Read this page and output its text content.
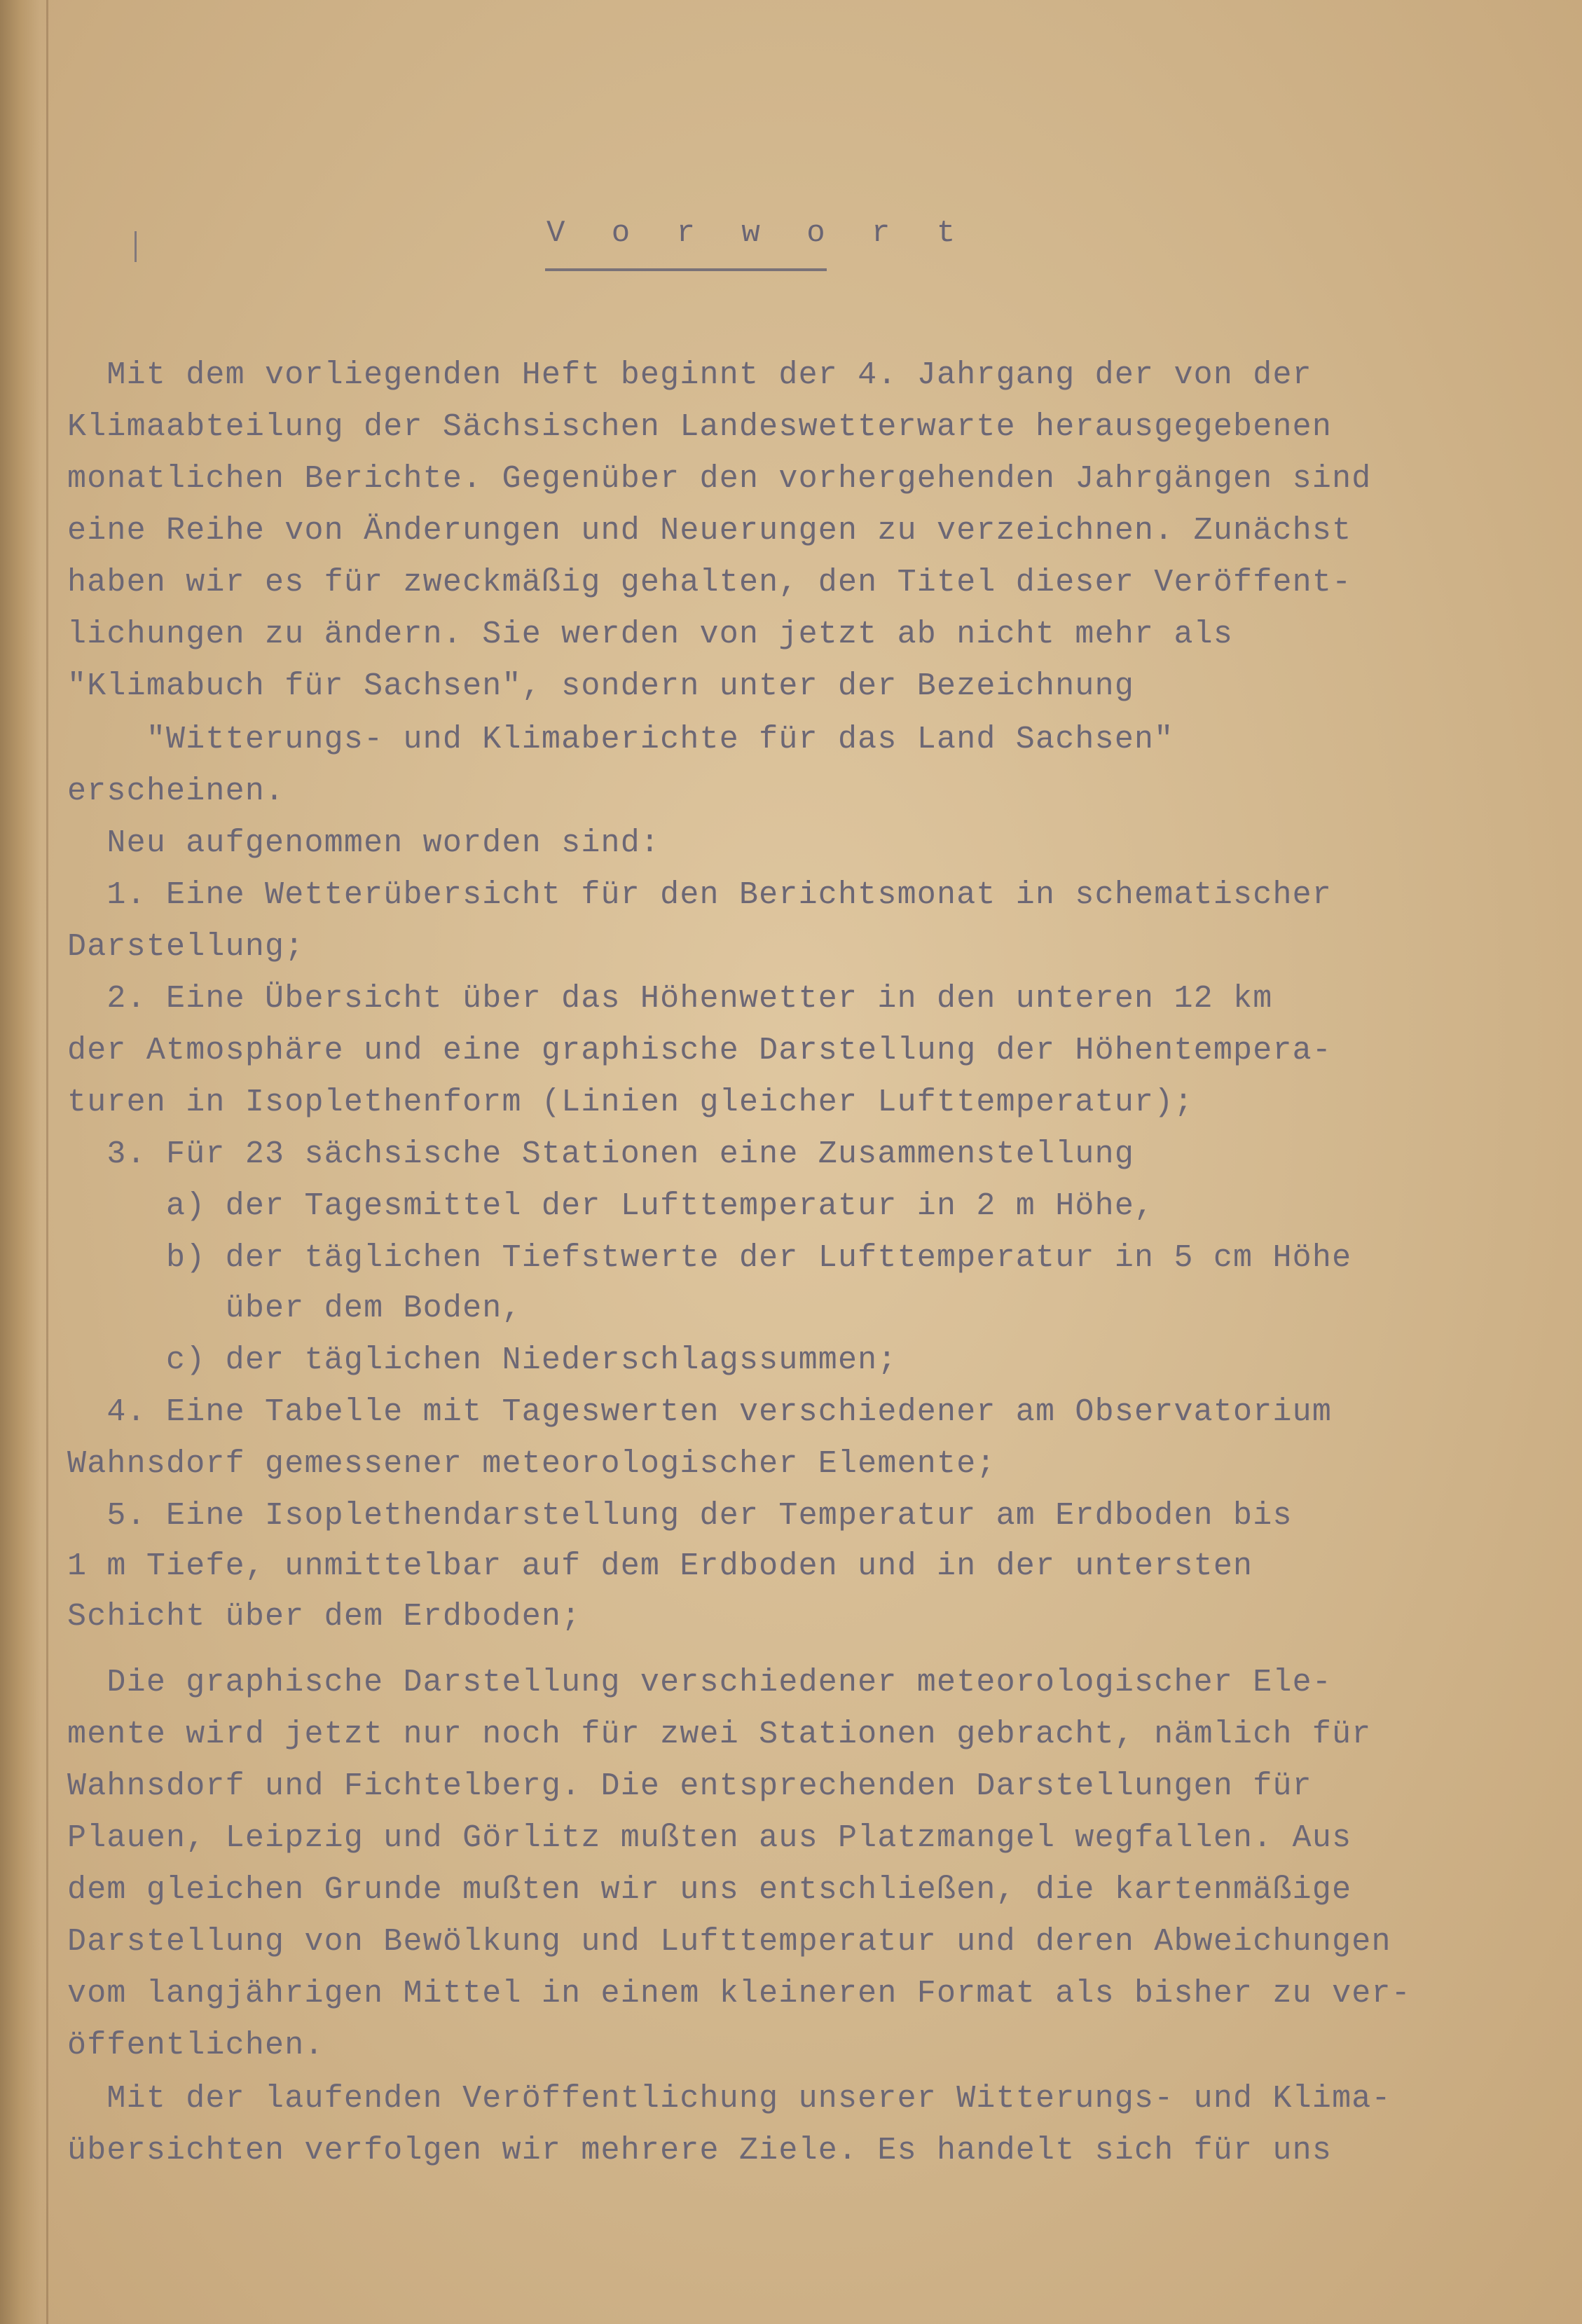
V o r w o r t
Mit dem vorliegenden Heft beginnt der 4. Jahrgang der von der
Klimaabteilung der Sächsischen Landeswetterwarte herausgegebenen
monatlichen Berichte. Gegenüber den vorhergehenden Jahrgängen sind
eine Reihe von Änderungen und Neuerungen zu verzeichnen. Zunächst
haben wir es für zweckmäßig gehalten, den Titel dieser Veröffent-
lichungen zu ändern. Sie werden von jetzt ab nicht mehr als
"Klimabuch für Sachsen", sondern unter der Bezeichnung
"Witterungs- und Klimaberichte für das Land Sachsen"
erscheinen.
Neu aufgenommen worden sind:
1. Eine Wetterübersicht für den Berichtsmonat in schematischer
Darstellung;
2. Eine Übersicht über das Höhenwetter in den unteren 12 km
der Atmosphäre und eine graphische Darstellung der Höhentempera-
turen in Isoplethenform (Linien gleicher Lufttemperatur);
3. Für 23 sächsische Stationen eine Zusammenstellung
a) der Tagesmittel der Lufttemperatur in 2 m Höhe,
b) der täglichen Tiefstwerte der Lufttemperatur in 5 cm Höhe
über dem Boden,
c) der täglichen Niederschlagssummen;
4. Eine Tabelle mit Tageswerten verschiedener am Observatorium
Wahnsdorf gemessener meteorologischer Elemente;
5. Eine Isoplethendarstellung der Temperatur am Erdboden bis
1 m Tiefe, unmittelbar auf dem Erdboden und in der untersten
Schicht über dem Erdboden;
Die graphische Darstellung verschiedener meteorologischer Ele-
mente wird jetzt nur noch für zwei Stationen gebracht, nämlich für
Wahnsdorf und Fichtelberg. Die entsprechenden Darstellungen für
Plauen, Leipzig und Görlitz mußten aus Platzmangel wegfallen. Aus
dem gleichen Grunde mußten wir uns entschließen, die kartenmäßige
Darstellung von Bewölkung und Lufttemperatur und deren Abweichungen
vom langjährigen Mittel in einem kleineren Format als bisher zu ver-
öffentlichen.
Mit der laufenden Veröffentlichung unserer Witterungs- und Klima-
übersichten verfolgen wir mehrere Ziele. Es handelt sich für uns
